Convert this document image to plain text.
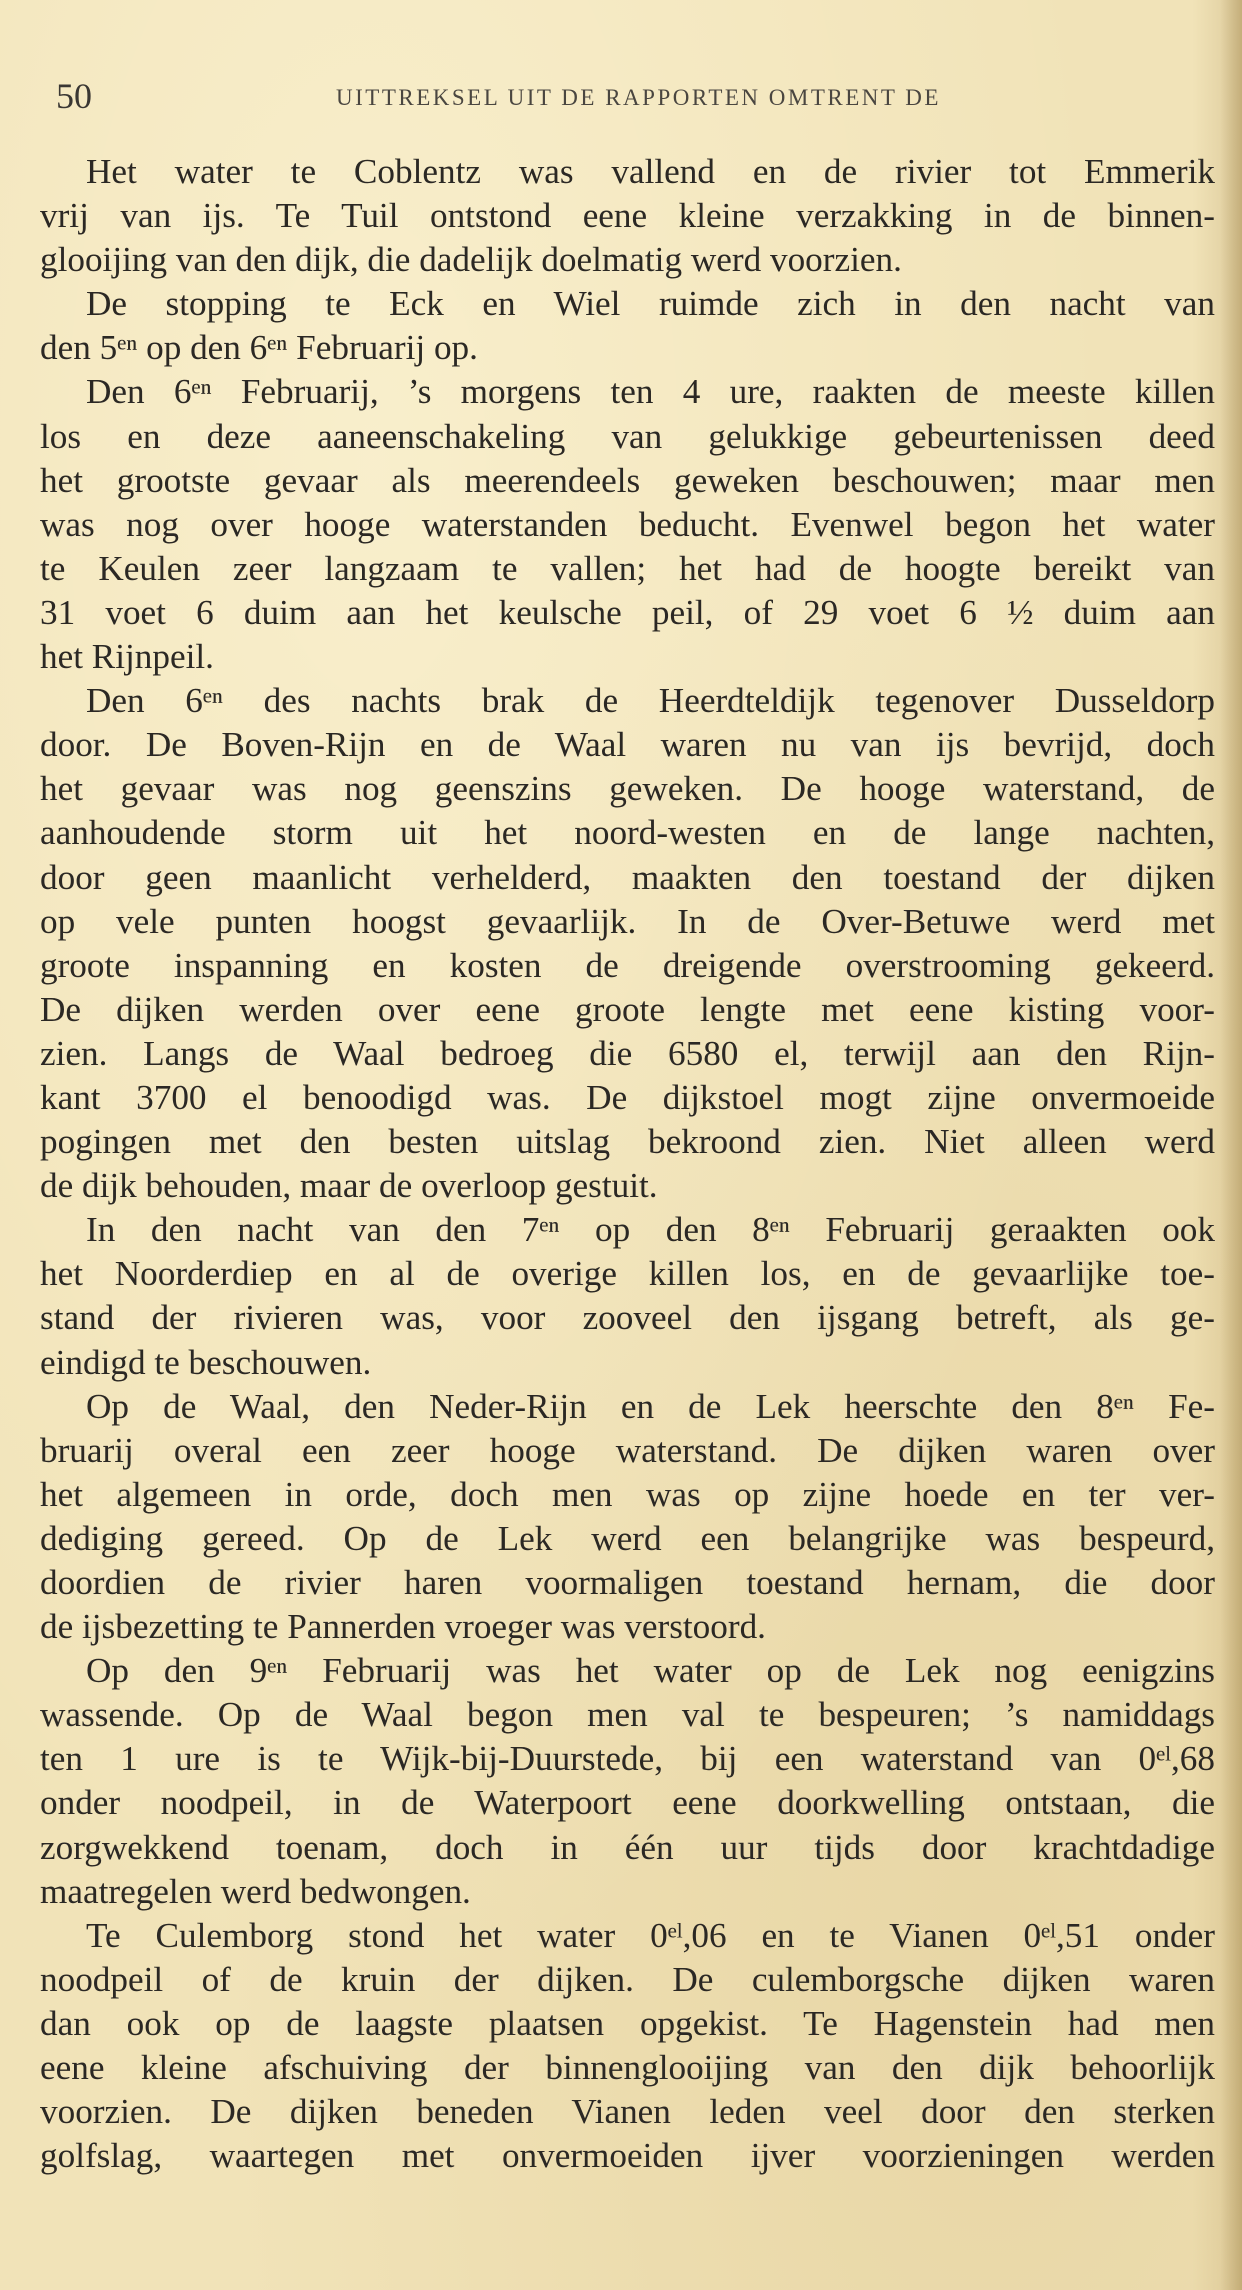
50	UITTREKSEL UIT DE RAPPORTEN OMTRENT DE
Het water te Coblentz was vallend en de rivier tot Emmerik
vrij van ijs. Te Tuil ontstond eene kleine verzakking in de binnen-
glooijing van den dijk, die dadelijk doelmatig werd voorzien.
De stopping te Eck en Wiel ruimde zich in den nacht van
den 5ᵉⁿ op den 6ᵉⁿ Februarij op.
Den 6ᵉⁿ Februarij, ’s morgens ten 4 ure, raakten de meeste killen
los en deze aaneenschakeling van gelukkige gebeurtenissen deed
het grootste gevaar als meerendeels geweken beschouwen; maar men
was nog over hooge waterstanden beducht. Evenwel begon het water
te Keulen zeer langzaam te vallen; het had de hoogte bereikt van
31 voet 6 duim aan het keulsche peil, of 29 voet 6 ½ duim aan
het Rijnpeil.
Den 6ᵉⁿ des nachts brak de Heerdteldijk tegenover Dusseldorp
door. De Boven-Rijn en de Waal waren nu van ijs bevrijd, doch
het gevaar was nog geenszins geweken. De hooge waterstand, de
aanhoudende storm uit het noord-westen en de lange nachten,
door geen maanlicht verhelderd, maakten den toestand der dijken
op vele punten hoogst gevaarlijk. In de Over-Betuwe werd met
groote inspanning en kosten de dreigende overstrooming gekeerd.
De dijken werden over eene groote lengte met eene kisting voor-
zien. Langs de Waal bedroeg die 6580 el, terwijl aan den Rijn-
kant 3700 el benoodigd was. De dijkstoel mogt zijne onvermoeide
pogingen met den besten uitslag bekroond zien. Niet alleen werd
de dijk behouden, maar de overloop gestuit.
In den nacht van den 7ᵉⁿ op den 8ᵉⁿ Februarij geraakten ook
het Noorderdiep en al de overige killen los, en de gevaarlijke toe-
stand der rivieren was, voor zooveel den ijsgang betreft, als ge-
eindigd te beschouwen.
Op de Waal, den Neder-Rijn en de Lek heerschte den 8ᵉⁿ Fe-
bruarij overal een zeer hooge waterstand. De dijken waren over
het algemeen in orde, doch men was op zijne hoede en ter ver-
dediging gereed. Op de Lek werd een belangrijke was bespeurd,
doordien de rivier haren voormaligen toestand hernam, die door
de ijsbezetting te Pannerden vroeger was verstoord.
Op den 9ᵉⁿ Februarij was het water op de Lek nog eenigzins
wassende. Op de Waal begon men val te bespeuren; ’s namiddags
ten 1 ure is te Wijk-bij-Duurstede, bij een waterstand van 0ᵉˡ,68
onder noodpeil, in de Waterpoort eene doorkwelling ontstaan, die
zorgwekkend toenam, doch in één uur tijds door krachtdadige
maatregelen werd bedwongen.
Te Culemborg stond het water 0ᵉˡ,06 en te Vianen 0ᵉˡ,51 onder
noodpeil of de kruin der dijken. De culemborgsche dijken waren
dan ook op de laagste plaatsen opgekist. Te Hagenstein had men
eene kleine afschuiving der binnenglooijing van den dijk behoorlijk
voorzien. De dijken beneden Vianen leden veel door den sterken
golfslag, waartegen met onvermoeiden ijver voorzieningen werden
